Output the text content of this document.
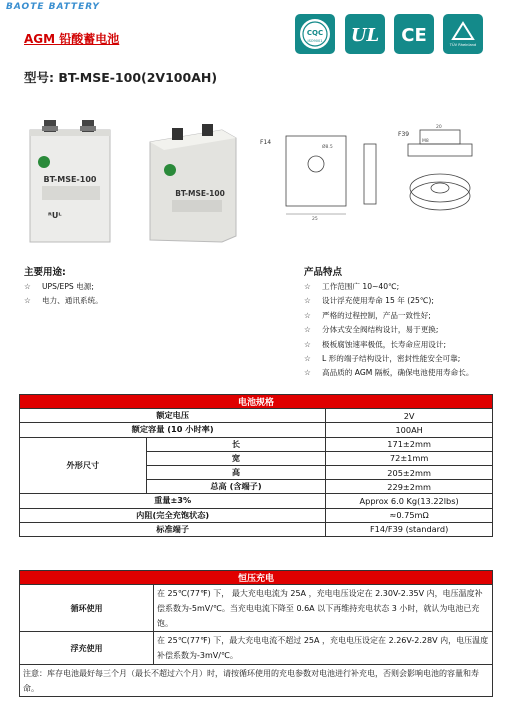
BAOTE BATTERY
AGM 铅酸蓄电池
型号: BT-MSE-100(2V100AH)
CQC
ISO9001 UL CE	TÜV Rheinland
BT-MSE-100
ᴿUᴸ
BT-MSE-100
F14
Ø8.5
25
F39
20
M8
主要用途:
☆ UPS/EPS 电源;
☆ 电力、通讯系统。
产品特点
☆ 工作范围广 10~40℃;
☆ 设计浮充使用寿命 15 年 (25℃);
☆ 严格的过程控制，产品一致性好;
☆ 分体式安全阀结构设计，易于更换;
☆ 极板腐蚀速率极低，长寿命应用设计;
☆ L 形的端子结构设计，密封性能安全可靠;
☆ 高品质的 AGM 隔板，确保电池使用寿命长。
电池规格		
额定电压		2V
额定容量 (10 小时率)		100AH
外形尺寸	长	171±2mm
	宽	72±1mm
	高	205±2mm
	总高 (含端子)	229±2mm
重量±3%		Approx 6.0 Kg(13.22lbs)
内阻(完全充饱状态)		≈0.75mΩ
标准端子		F14/F39 (standard)
恒压充电	
循环使用	在 25℃(77℉) 下， 最大充电电流为 25A ，充电电压设定在 2.30V-2.35V 内，电压温度补偿系数为-5mV/℃。当充电电流下降至 0.6A 以下再维持充电状态 3 小时，就认为电池已充饱。
浮充使用	在 25℃(77℉) 下，最大充电电流不超过 25A ，充电电压设定在 2.26V-2.28V 内，电压温度补偿系数为-3mV/℃。
注意：库存电池最好每三个月（最长不超过六个月）时，请按循环使用的充电参数对电池进行补充电，否则会影响电池的容量和寿命。	
